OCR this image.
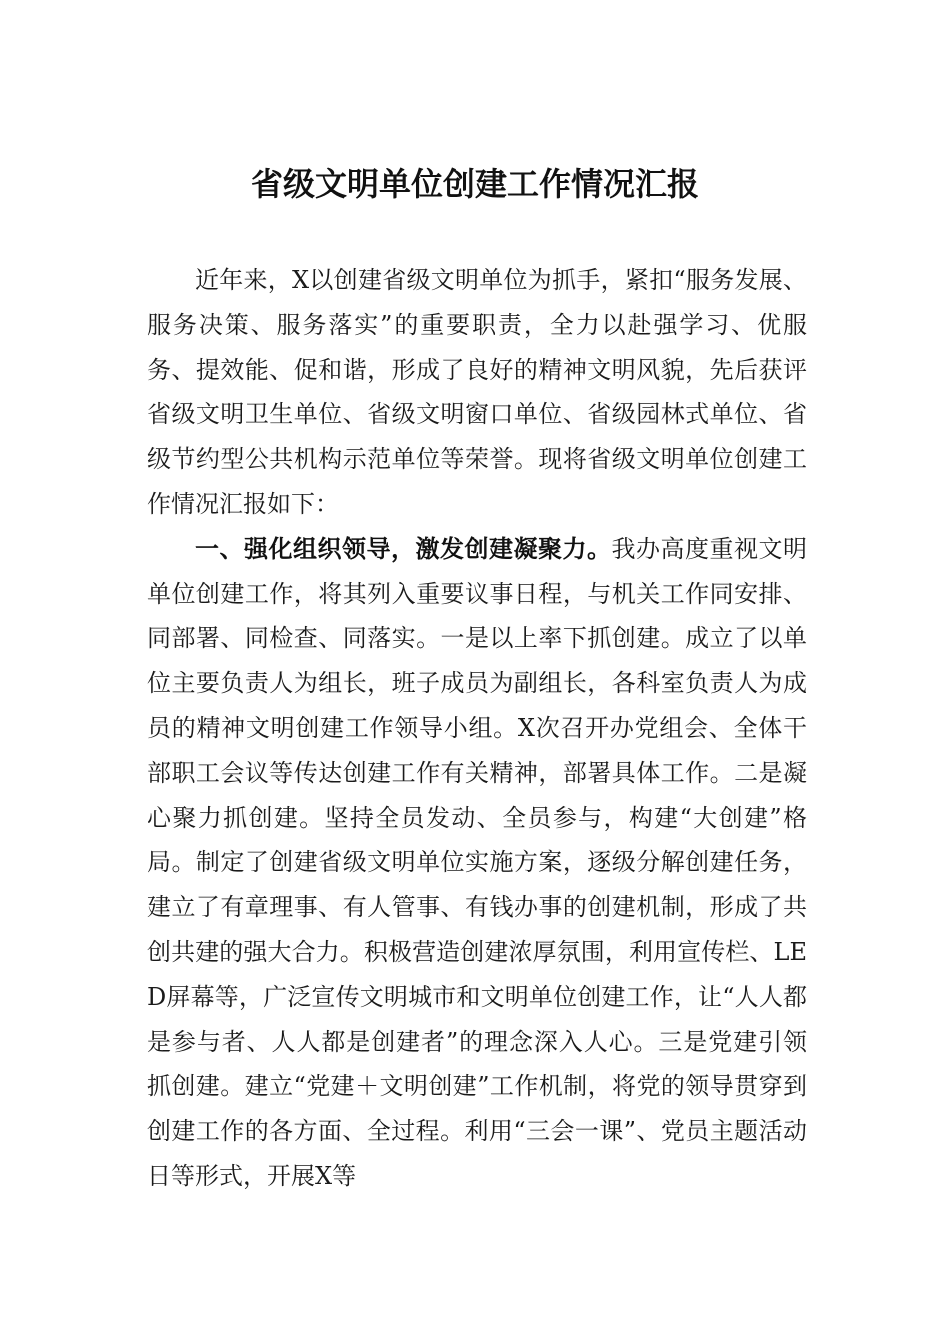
省级文明单位创建工作情况汇报

近年来，X以创建省级文明单位为抓手，紧扣“服务发展、服务决策、服务落实”的重要职责，全力以赴强学习、优服务、提效能、促和谐，形成了良好的精神文明风貌，先后获评省级文明卫生单位、省级文明窗口单位、省级园林式单位、省级节约型公共机构示范单位等荣誉。现将省级文明单位创建工作情况汇报如下：

一、强化组织领导，激发创建凝聚力。我办高度重视文明单位创建工作，将其列入重要议事日程，与机关工作同安排、同部署、同检查、同落实。一是以上率下抓创建。成立了以单位主要负责人为组长，班子成员为副组长，各科室负责人为成员的精神文明创建工作领导小组。X次召开办党组会、全体干部职工会议等传达创建工作有关精神，部署具体工作。二是凝心聚力抓创建。坚持全员发动、全员参与，构建“大创建”格局。制定了创建省级文明单位实施方案，逐级分解创建任务，建立了有章理事、有人管事、有钱办事的创建机制，形成了共创共建的强大合力。积极营造创建浓厚氛围，利用宣传栏、LED屏幕等，广泛宣传文明城市和文明单位创建工作，让“人人都是参与者、人人都是创建者”的理念深入人心。三是党建引领抓创建。建立“党建＋文明创建”工作机制，将党的领导贯穿到创建工作的各方面、全过程。利用“三会一课”、党员主题活动日等形式，开展X等
